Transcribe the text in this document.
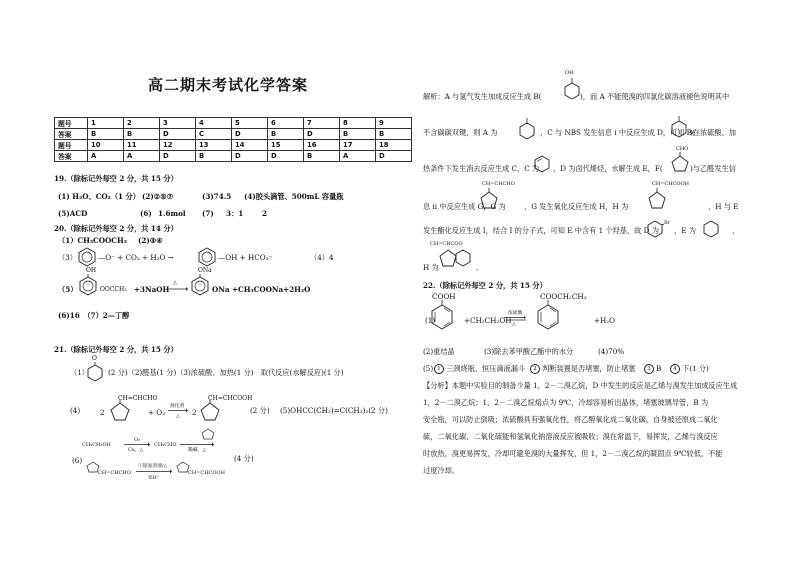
高二期末考试化学答案
题号	1	2	3	4	5	6	7	8	9
答案	B	B	D	C	D	B	D	B	B
题号	10	11	12	13	14	15	16	17	18
答案	A	A	D	B	D	D	B	A	D
19.（除标记外每空 2 分，共 15 分）
(1) H₂O、CO₂（1 分） (2)②⑤⑦	(3)74.5 (4)胶头滴管、500mL 容量瓶
(5)ACD	(6) 1.6mol (7) 3：1	2
20.（除标记外每空 2 分，共 14 分）
（1）CH₃COOCH₃ (2)③④
（3）	—O⁻ + CO₂ + H₂O →	—OH + HCO₃⁻	（4）4
（5）
OH
OOCCH₃ +3NaOH
△
ONa
ONa +CH₃COONa+2H₂O
(6)16　（7）2—丁醇
21.（除标记外每空 2 分，共 15 分）
（1）
O
(2 分)（2)醛基(1 分)（3)浓硫酸、加热(1 分)　取代反应(水解反应)(1 分)
(4)
CH=CHCHO
2	+ O₂
催化剂
△ 2
CH=CHCOOH
(2 分) (5)OHCC(CH₃)=C(CH₃)₂(2 分)
CH₃CH₂OH
O₂
Cu，△
CH₃CHO →
稀碱，△
(6)	(4 分)
CH=CHCHO
①银氨溶液/△
②H⁺
CH=CHCOOH
OH
解析：A 与氢气发生加成反应生成 B(	)，而 A 不能使溴的四氯化碳溶液褪色说明其中
不含碳碳双键，则 A 为	，C 与 NBS 发生信息 i 中反应生成 D，可知 B(
)在浓硫酸、加
热条件下发生消去反应生成 C，C 为 ，D 为卤代烯烃，水解生成 E，F(
CHO
)与乙醛发生信
CH=CHCHO
息 ii 中反应生成 G，G 为	，G 发生氧化反应生成 H，H 为
CH=CHCOOH
，H 与 E
发生酯化反应生成 I，结合 I 的分子式，可知 E 中含有 1 个羟基，故 D 为
Br
，E 为	，
CH=CHCOO
H 为	。
22.（除标记外每空 2 分，共 15 分）
COOH
(1)	+CH₃CH₂OH
浓硫酸
△
COOCH₂CH₃
+H₂O
(2)重结晶	(3)除去苯甲酸乙酯中的水分	(4)70%
(5) 1 三颈烧瓶、恒压滴液漏斗	2 判断装置是否堵塞，防止堵塞	3 B	4 下(1 分)
【分析】本题中实验目的制备少量 1，2－二溴乙烷，D 中发生的反应是乙烯与溴发生加成反应生成
1，2－二溴乙烷；1，2－二溴乙烷熔点为 9℃，冷却容易析出晶体，堵塞玻璃导管，B 为
安全瓶，可以防止倒吸；浓硫酸具有强氧化性，将乙醇氧化成二氧化碳，自身被还原成二氧化
硫，二氧化碳、二氧化硫能和氢氧化钠溶液反应被吸收；溴在常温下，易挥发，乙烯与溴反应
时放热，溴更易挥发，冷却可避免溴的大量挥发，但 1，2－二溴乙烷的凝固点 9℃较低，不能
过度冷却。
